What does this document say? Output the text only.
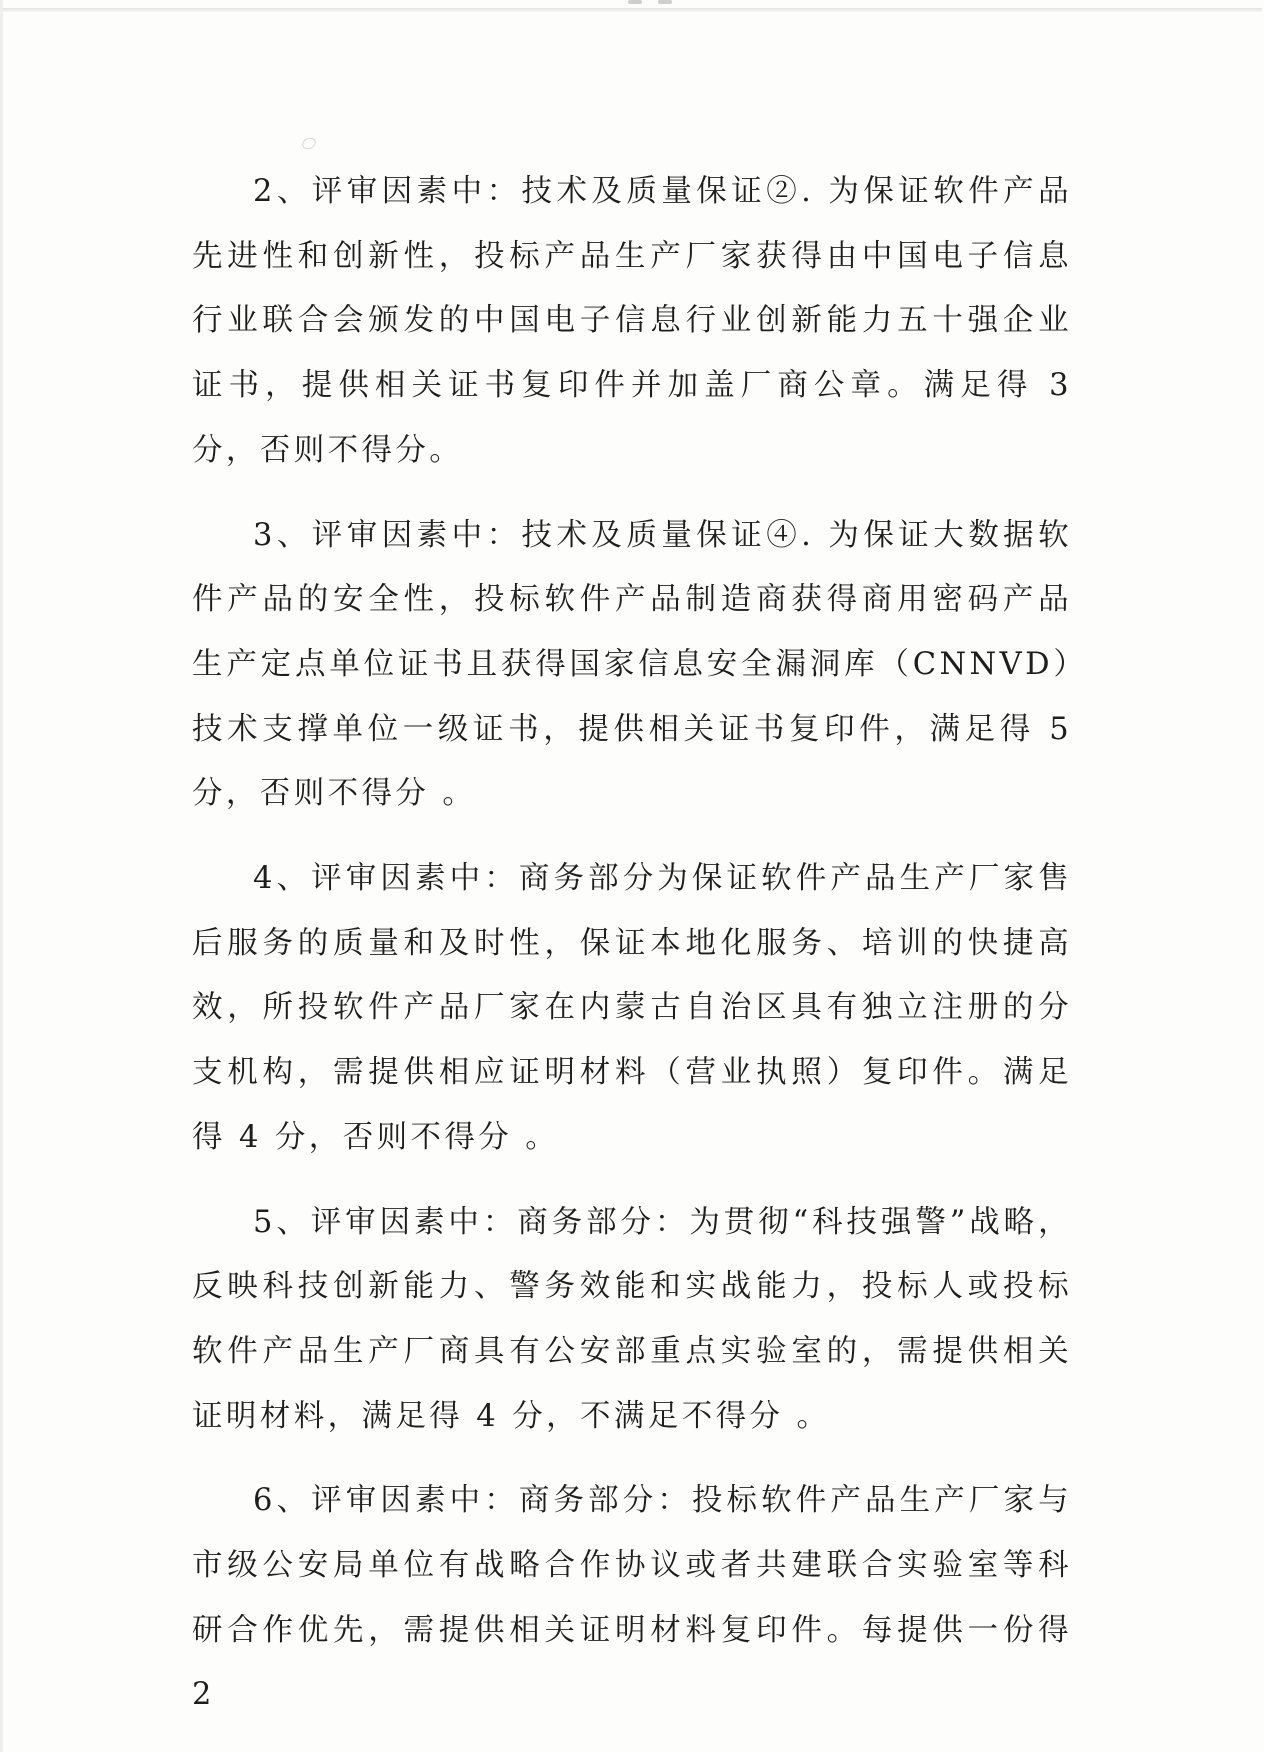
2、评审因素中：技术及质量保证②. 为保证软件产品先进性和创新性，投标产品生产厂家获得由中国电子信息行业联合会颁发的中国电子信息行业创新能力五十强企业证书，提供相关证书复印件并加盖厂商公章。满足得 3 分，否则不得分。

3、评审因素中：技术及质量保证④. 为保证大数据软件产品的安全性，投标软件产品制造商获得商用密码产品生产定点单位证书且获得国家信息安全漏洞库（CNNVD）技术支撑单位一级证书，提供相关证书复印件，满足得 5 分，否则不得分 。

4、评审因素中：商务部分为保证软件产品生产厂家售后服务的质量和及时性，保证本地化服务、培训的快捷高效，所投软件产品厂家在内蒙古自治区具有独立注册的分支机构，需提供相应证明材料（营业执照）复印件。满足得 4 分，否则不得分 。

5、评审因素中：商务部分：为贯彻“科技强警”战略，反映科技创新能力、警务效能和实战能力，投标人或投标软件产品生产厂商具有公安部重点实验室的，需提供相关证明材料，满足得 4 分，不满足不得分 。

6、评审因素中：商务部分：投标软件产品生产厂家与市级公安局单位有战略合作协议或者共建联合实验室等科研合作优先，需提供相关证明材料复印件。每提供一份得 2
